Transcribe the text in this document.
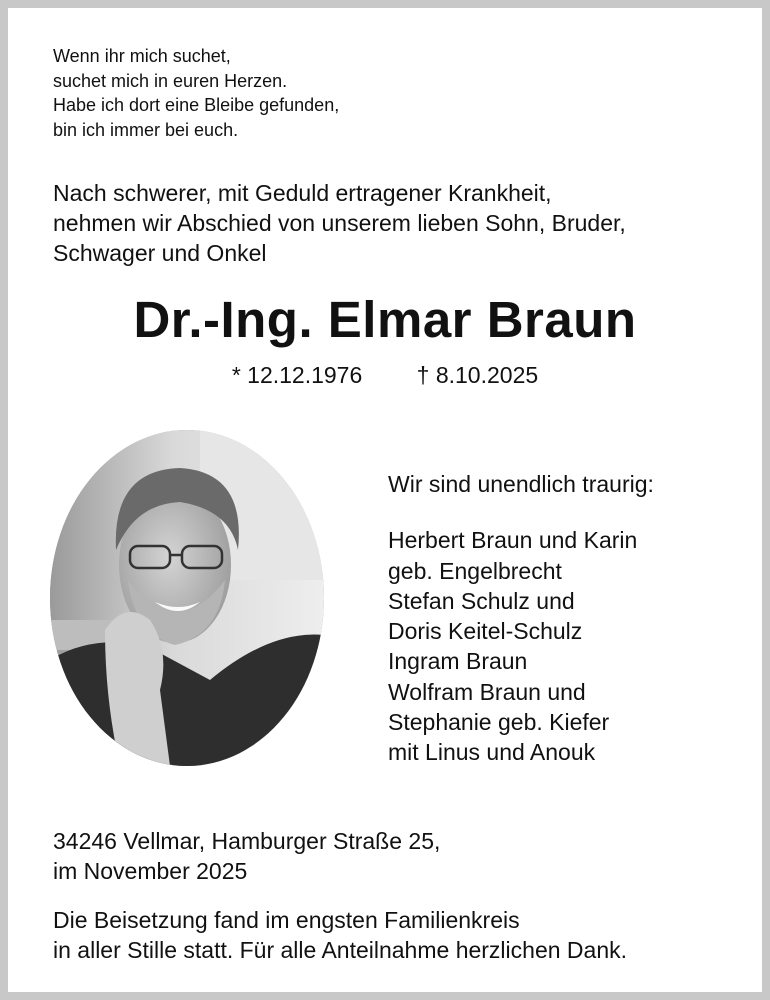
Wenn ihr mich suchet,
suchet mich in euren Herzen.
Habe ich dort eine Bleibe gefunden,
bin ich immer bei euch.
Nach schwerer, mit Geduld ertragener Krankheit,
nehmen wir Abschied von unserem lieben Sohn, Bruder,
Schwager und Onkel
Dr.-Ing. Elmar Braun
* 12.12.1976 † 8.10.2025
Wir sind unendlich traurig:
Herbert Braun und Karin
geb. Engelbrecht
Stefan Schulz und
Doris Keitel-Schulz
Ingram Braun
Wolfram Braun und
Stephanie geb. Kiefer
mit Linus und Anouk
34246 Vellmar, Hamburger Straße 25,
im November 2025
Die Beisetzung fand im engsten Familienkreis
in aller Stille statt. Für alle Anteilnahme herzlichen Dank.
